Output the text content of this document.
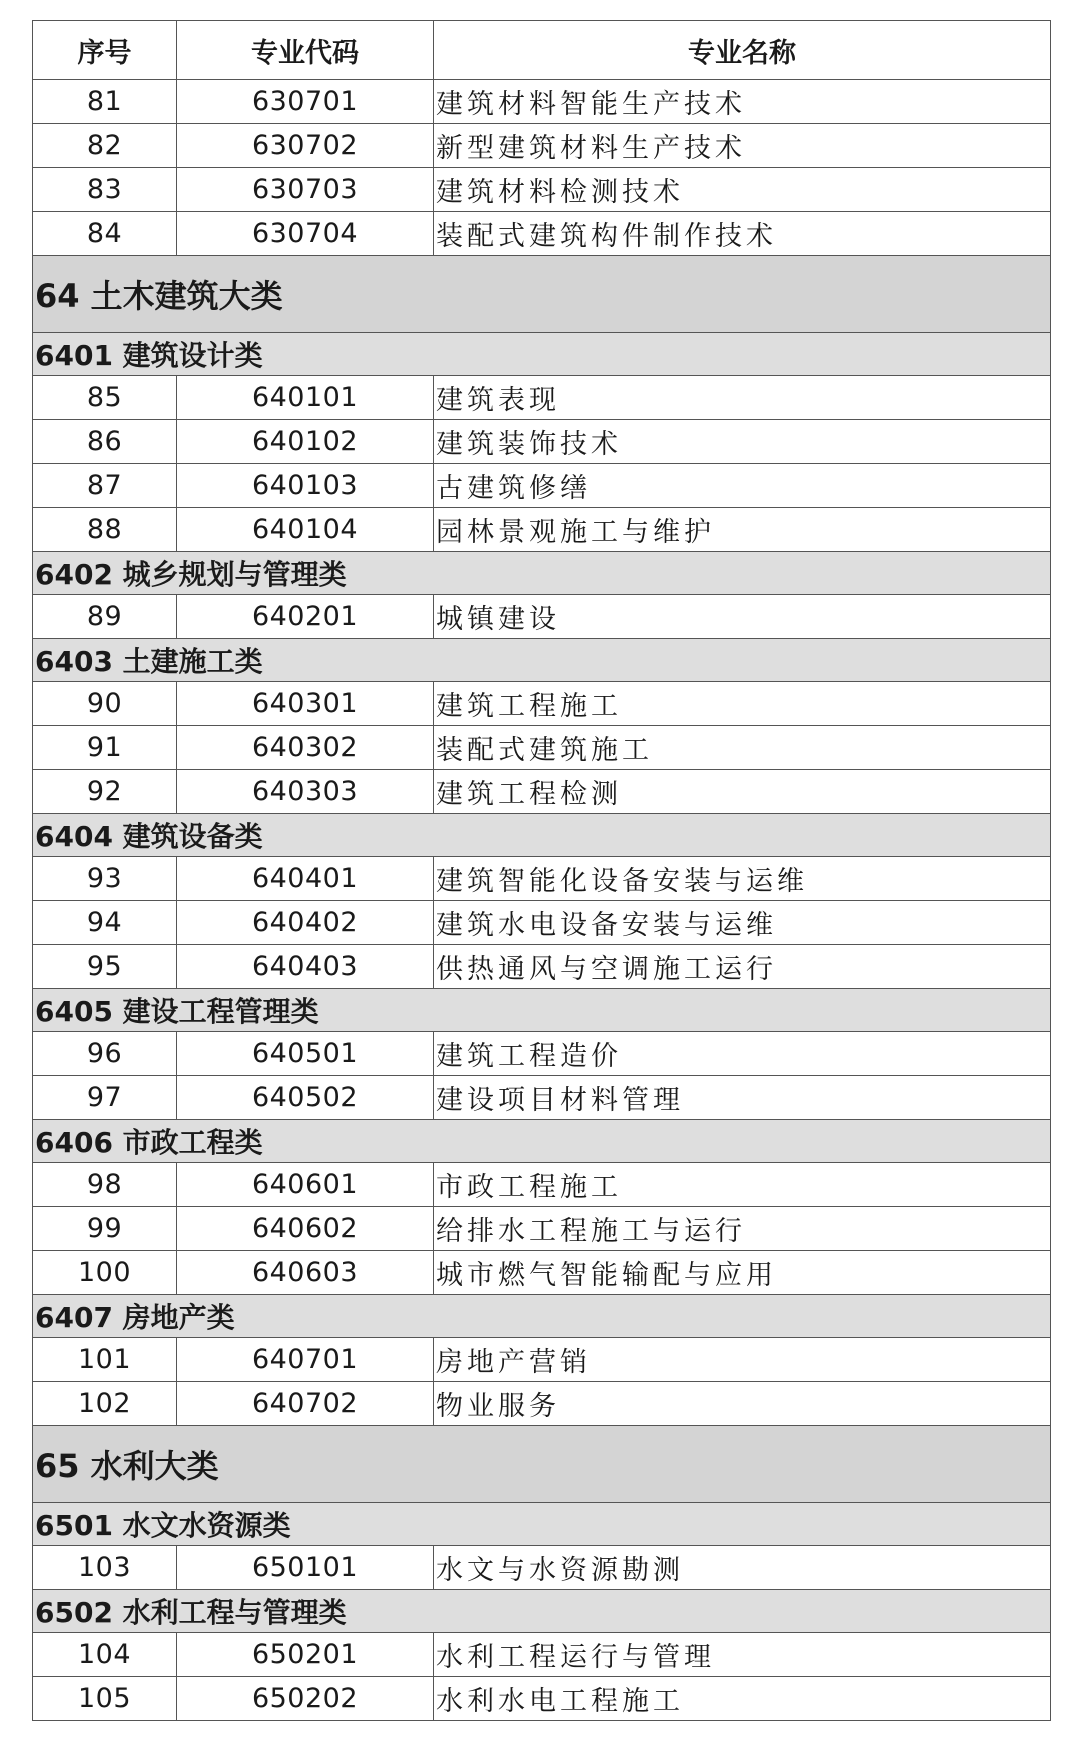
序号	专业代码	专业名称
81	630701	建筑材料智能生产技术
82	630702	新型建筑材料生产技术
83	630703	建筑材料检测技术
84	630704	装配式建筑构件制作技术
64 土木建筑大类		
6401 建筑设计类		
85	640101	建筑表现
86	640102	建筑装饰技术
87	640103	古建筑修缮
88	640104	园林景观施工与维护
6402 城乡规划与管理类		
89	640201	城镇建设
6403 土建施工类		
90	640301	建筑工程施工
91	640302	装配式建筑施工
92	640303	建筑工程检测
6404 建筑设备类		
93	640401	建筑智能化设备安装与运维
94	640402	建筑水电设备安装与运维
95	640403	供热通风与空调施工运行
6405 建设工程管理类		
96	640501	建筑工程造价
97	640502	建设项目材料管理
6406 市政工程类		
98	640601	市政工程施工
99	640602	给排水工程施工与运行
100	640603	城市燃气智能输配与应用
6407 房地产类		
101	640701	房地产营销
102	640702	物业服务
65 水利大类		
6501 水文水资源类		
103	650101	水文与水资源勘测
6502 水利工程与管理类		
104	650201	水利工程运行与管理
105	650202	水利水电工程施工
